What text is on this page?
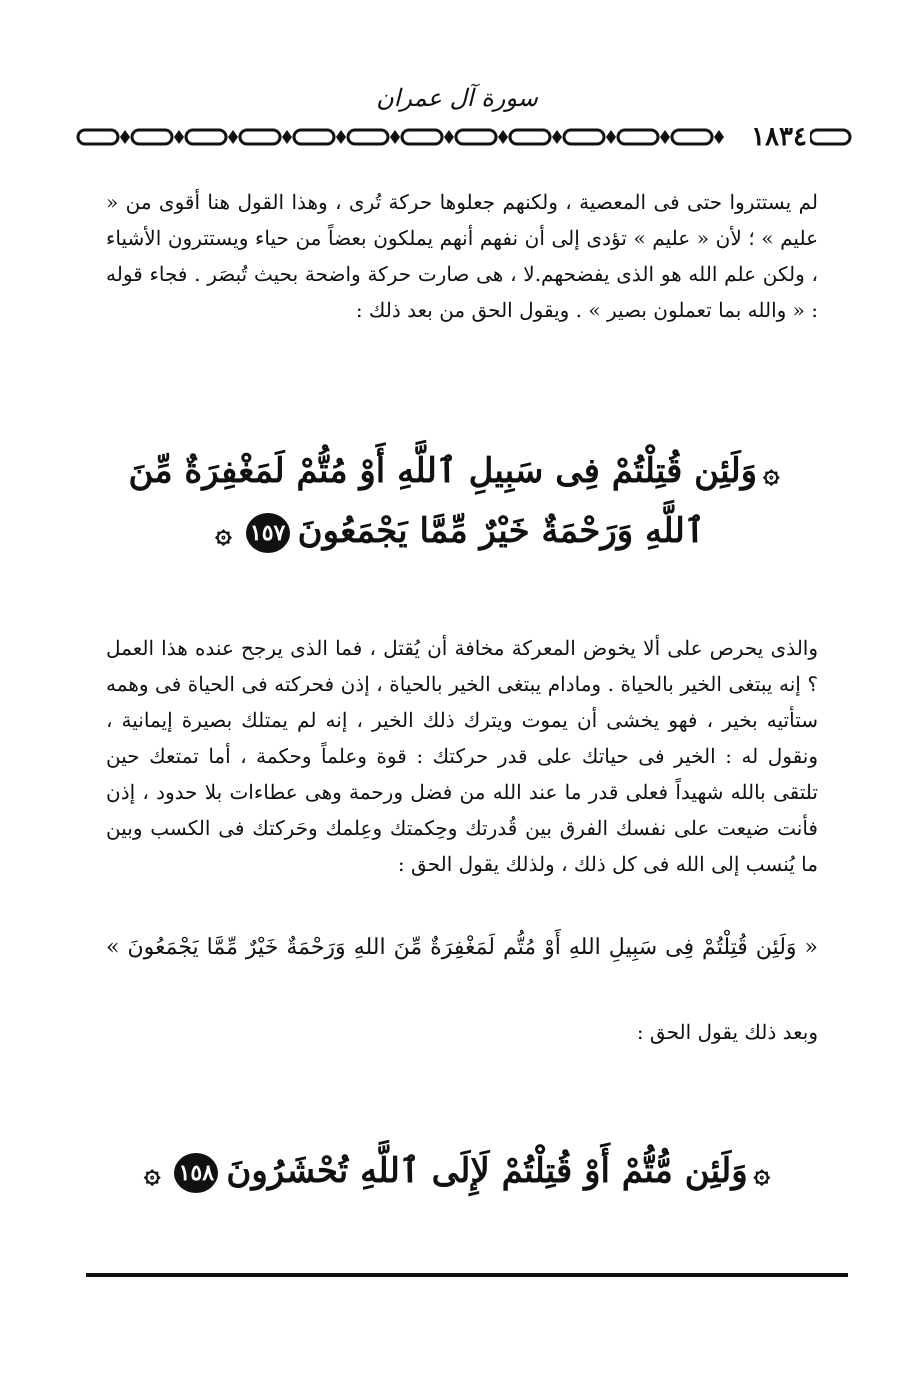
سورة آل عمران
١٨٣٤

لم يستتروا حتى فى المعصية ، ولكنهم جعلوها حركة تُرى ، وهذا القول هنا أقوى من « عليم » ؛ لأن « عليم » تؤدى إلى أن نفهم أنهم يملكون بعضاً من حياء ويستترون الأشياء ، ولكن علم الله هو الذى يفضحهم.لا ، هى صارت حركة واضحة بحيث تُبصَر . فجاء قوله : « والله بما تعملون بصير » . ويقول الحق من بعد ذلك :

۞وَلَئِن قُتِلْتُمْ فِى سَبِيلِ ٱللَّهِ أَوْ مُتُّمْ لَمَغْفِرَةٌ مِّنَ
ٱللَّهِ وَرَحْمَةٌ خَيْرٌ مِّمَّا يَجْمَعُونَ١٥٧۞

والذى يحرص على ألا يخوض المعركة مخافة أن يُقتل ، فما الذى يرجح عنده هذا العمل ؟ إنه يبتغى الخير بالحياة . ومادام يبتغى الخير بالحياة ، إذن فحركته فى الحياة فى وهمه ستأتيه بخير ، فهو يخشى أن يموت ويترك ذلك الخير ، إنه لم يمتلك بصيرة إيمانية ، ونقول له : الخير فى حياتك على قدر حركتك : قوة وعلماً وحكمة ، أما تمتعك حين تلتقى بالله شهيداً فعلى قدر ما عند الله من فضل ورحمة وهى عطاءات بلا حدود ، إذن فأنت ضيعت على نفسك الفرق بين قُدرتك وحِكمتك وعِلمك وحَركتك فى الكسب وبين ما يُنسب إلى الله فى كل ذلك ، ولذلك يقول الحق :

« وَلَئِن قُتِلْتُمْ فِى سَبِيلِ اللهِ أَوْ مُتُّم لَمَغْفِرَةٌ مِّنَ اللهِ وَرَحْمَةٌ خَيْرٌ مِّمَّا يَجْمَعُونَ »

وبعد ذلك يقول الحق :

۞وَلَئِن مُّتُّمْ أَوْ قُتِلْتُمْ لَإِلَى ٱللَّهِ تُحْشَرُونَ١٥٨۞
